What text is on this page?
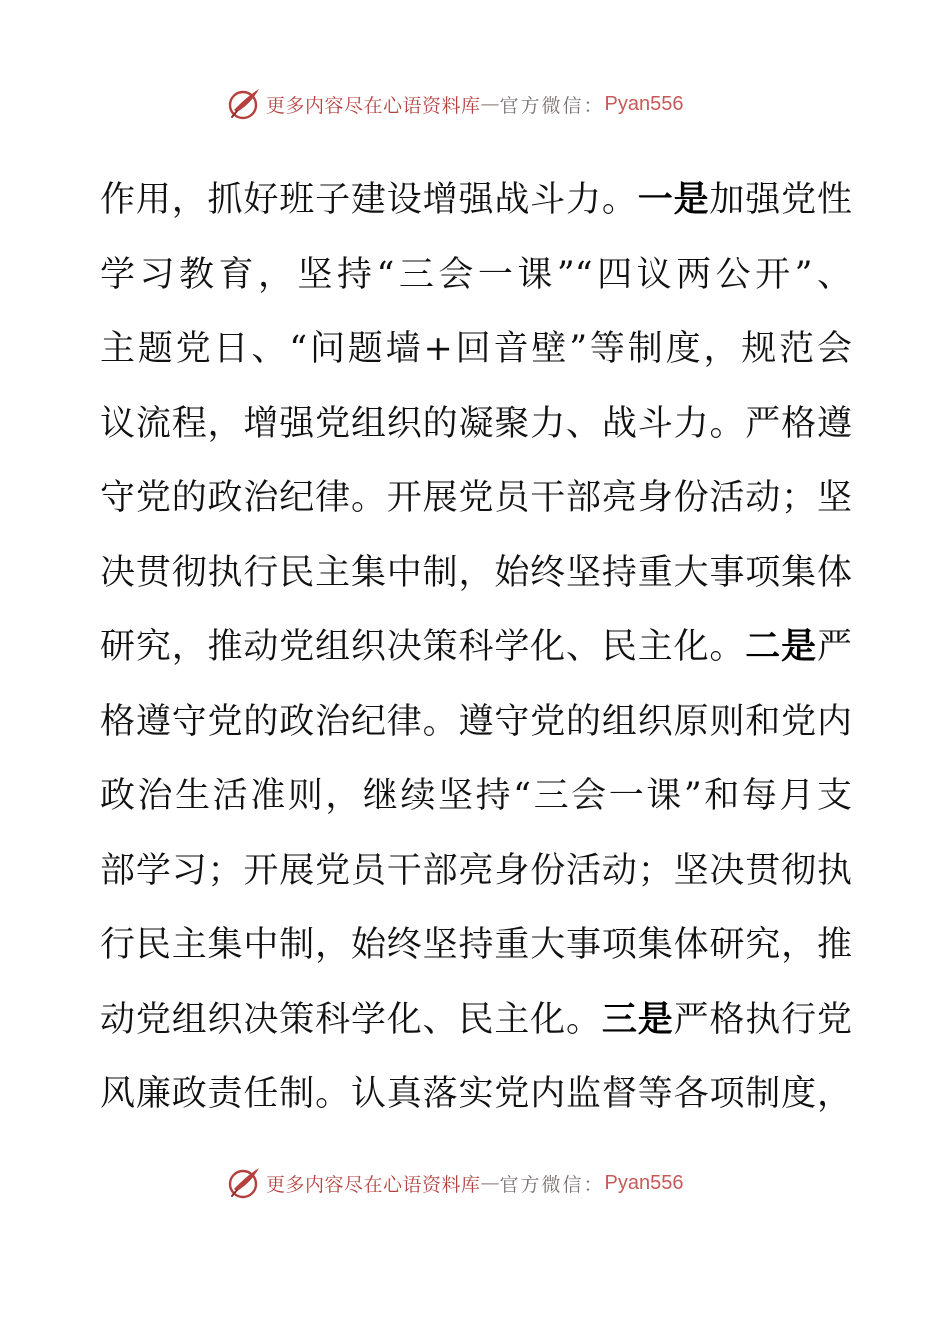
更多内容尽在心语资料库 — 官方微信： Pyan556
作用，抓好班子建设增强战斗力。一是加强党性
学习教育，坚持“三会一课”“四议两公开”、
主题党日、“问题墙+回音壁”等制度，规范会
议流程，增强党组织的凝聚力、战斗力。严格遵
守党的政治纪律。开展党员干部亮身份活动；坚
决贯彻执行民主集中制，始终坚持重大事项集体
研究，推动党组织决策科学化、民主化。二是严
格遵守党的政治纪律。遵守党的组织原则和党内
政治生活准则，继续坚持“三会一课”和每月支
部学习；开展党员干部亮身份活动；坚决贯彻执
行民主集中制，始终坚持重大事项集体研究，推
动党组织决策科学化、民主化。三是严格执行党
风廉政责任制。认真落实党内监督等各项制度，
更多内容尽在心语资料库 — 官方微信： Pyan556
